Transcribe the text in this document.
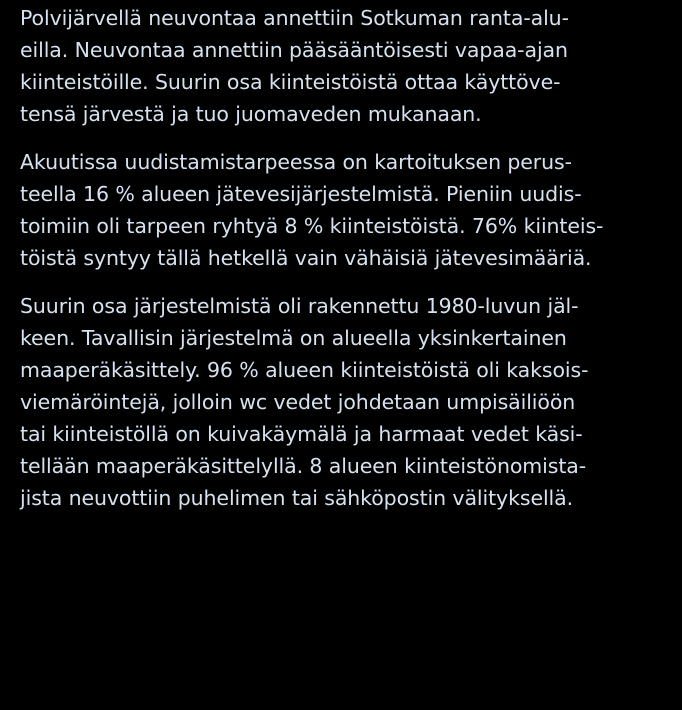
Polvijärvellä neuvontaa annettiin Sotkuman ranta-alu-
eilla. Neuvontaa annettiin pääsääntöisesti vapaa-ajan
kiinteistöille. Suurin osa kiinteistöistä ottaa käyttöve-
tensä järvestä ja tuo juomaveden mukanaan.

Akuutissa uudistamistarpeessa on kartoituksen perus-
teella 16 % alueen jätevesijärjestelmistä. Pieniin uudis-
toimiin oli tarpeen ryhtyä 8 % kiinteistöistä. 76% kiinteis-
töistä syntyy tällä hetkellä vain vähäisiä jätevesimääriä.

Suurin osa järjestelmistä oli rakennettu 1980-luvun jäl-
keen. Tavallisin järjestelmä on alueella yksinkertainen
maaperäkäsittely. 96 % alueen kiinteistöistä oli kaksois-
viemäröintejä, jolloin wc vedet johdetaan umpisäiliöön
tai kiinteistöllä on kuivakäymälä ja harmaat vedet käsi-
tellään maaperäkäsittelyllä. 8 alueen kiinteistönomista-
jista neuvottiin puhelimen tai sähköpostin välityksellä.
